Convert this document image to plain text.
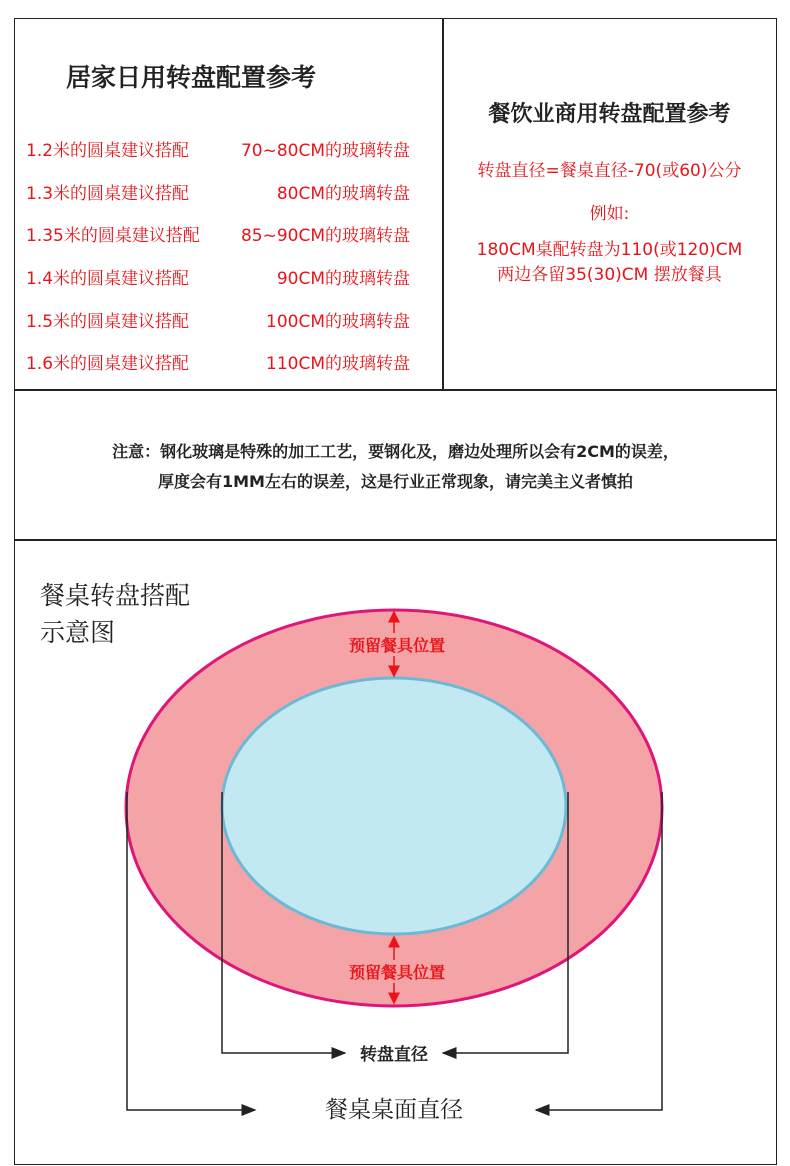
居家日用转盘配置参考
1.2米的圆桌建议搭配	70~80CM的玻璃转盘
1.3米的圆桌建议搭配	80CM的玻璃转盘
1.35米的圆桌建议搭配 85~90CM的玻璃转盘
1.4米的圆桌建议搭配	90CM的玻璃转盘
1.5米的圆桌建议搭配	100CM的玻璃转盘
1.6米的圆桌建议搭配	110CM的玻璃转盘
餐饮业商用转盘配置参考
转盘直径=餐桌直径-70(或60)公分
例如:
180CM桌配转盘为110(或120)CM
两边各留35(30)CM 摆放餐具
注意：钢化玻璃是特殊的加工工艺，要钢化及，磨边处理所以会有2CM的误差，
厚度会有1MM左右的误差，这是行业正常现象，请完美主义者慎拍
餐桌转盘搭配
示意图	预留餐具位置
预留餐具位置
转盘直径
餐桌桌面直径
